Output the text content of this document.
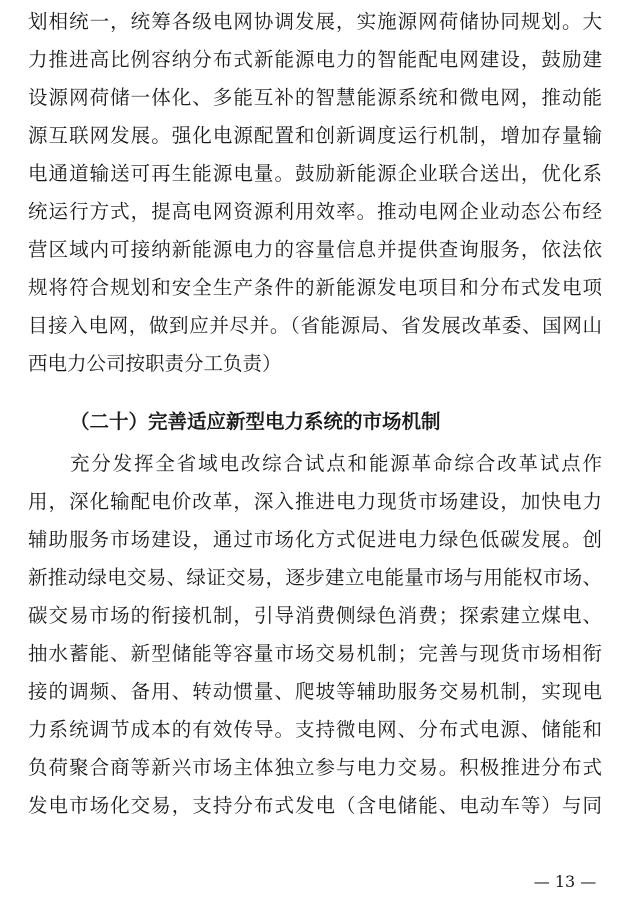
划相统一，统筹各级电网协调发展，实施源网荷储协同规划。大
力推进高比例容纳分布式新能源电力的智能配电网建设，鼓励建
设源网荷储一体化、多能互补的智慧能源系统和微电网，推动能
源互联网发展。强化电源配置和创新调度运行机制，增加存量输
电通道输送可再生能源电量。鼓励新能源企业联合送出，优化系
统运行方式，提高电网资源利用效率。推动电网企业动态公布经
营区域内可接纳新能源电力的容量信息并提供查询服务，依法依
规将符合规划和安全生产条件的新能源发电项目和分布式发电项
目接入电网，做到应并尽并。（省能源局、省发展改革委、国网山
西电力公司按职责分工负责）
（二十）完善适应新型电力系统的市场机制
充分发挥全省域电改综合试点和能源革命综合改革试点作
用，深化输配电价改革，深入推进电力现货市场建设，加快电力
辅助服务市场建设，通过市场化方式促进电力绿色低碳发展。创
新推动绿电交易、绿证交易，逐步建立电能量市场与用能权市场、
碳交易市场的衔接机制，引导消费侧绿色消费；探索建立煤电、
抽水蓄能、新型储能等容量市场交易机制；完善与现货市场相衔
接的调频、备用、转动惯量、爬坡等辅助服务交易机制，实现电
力系统调节成本的有效传导。支持微电网、分布式电源、储能和
负荷聚合商等新兴市场主体独立参与电力交易。积极推进分布式
发电市场化交易，支持分布式发电（含电储能、电动车等）与同
— 13 —
